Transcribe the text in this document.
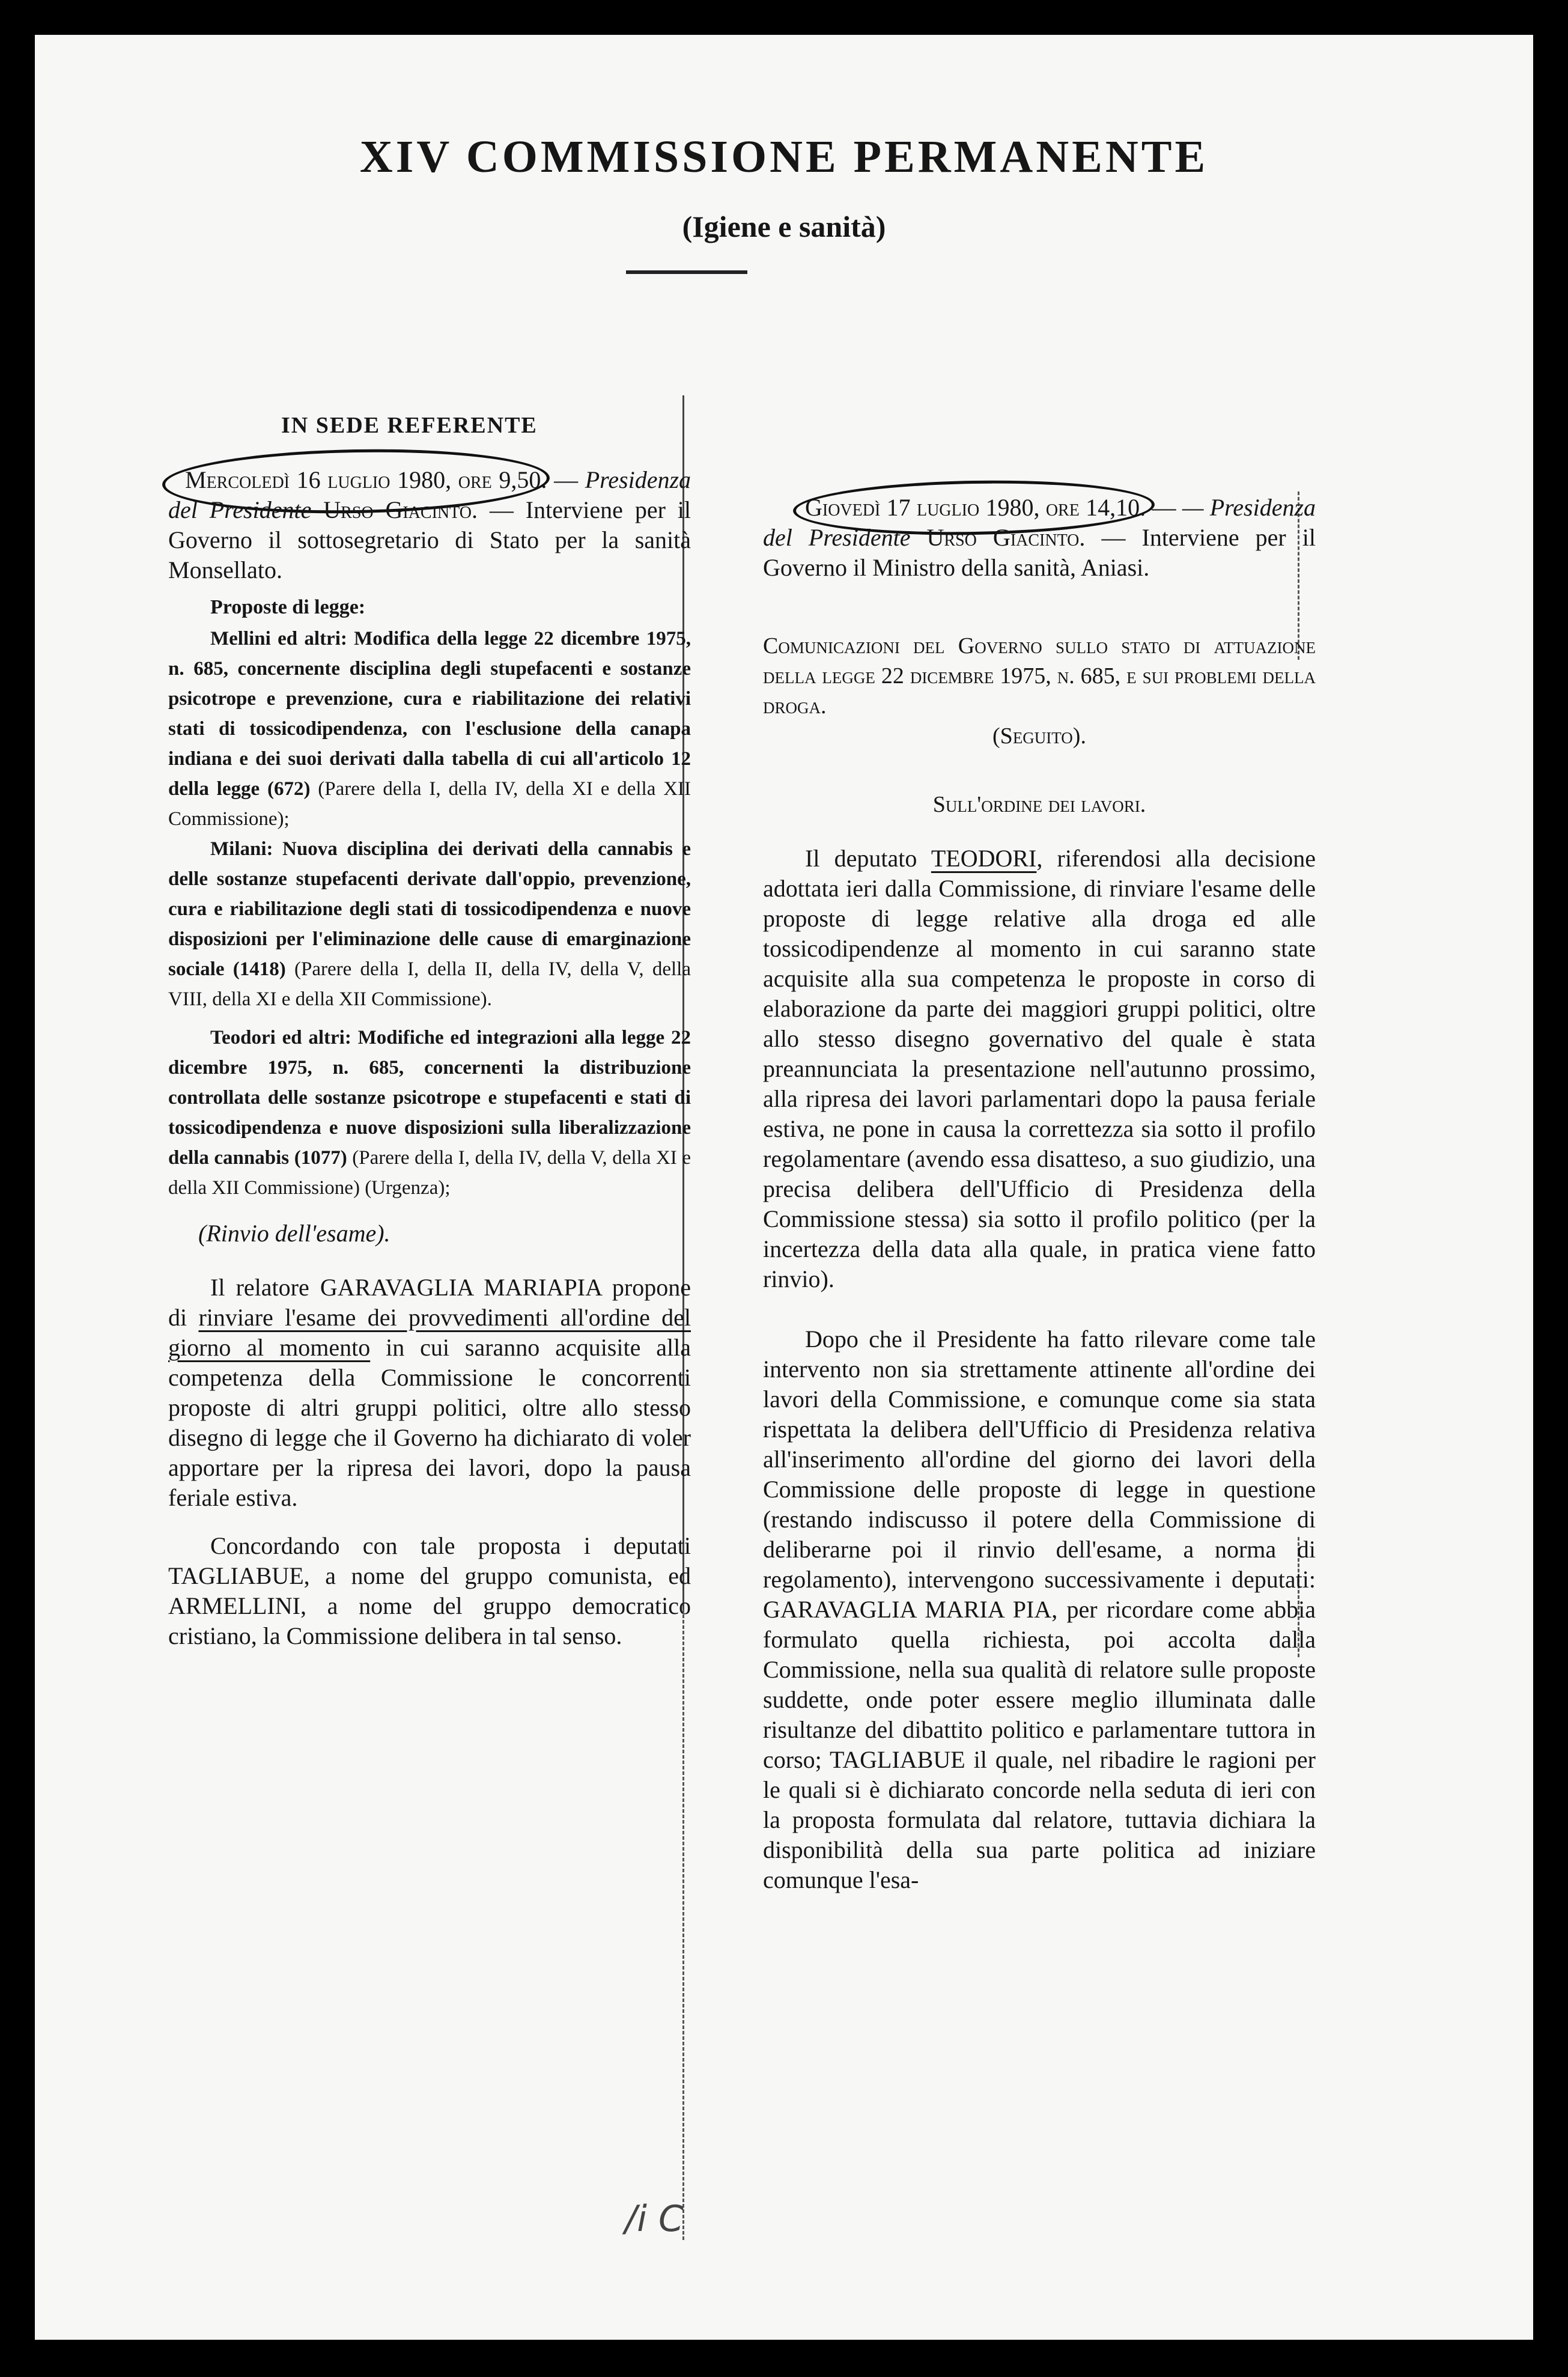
XIV COMMISSIONE PERMANENTE
(Igiene e sanità)
IN SEDE REFERENTE

Mercoledì 16 luglio 1980, ore 9,50. — Presidenza del Presidente Urso Giacinto. — Interviene per il Governo il sottosegretario di Stato per la sanità Monsellato.

Proposte di legge:

Mellini ed altri: Modifica della legge 22 dicembre 1975, n. 685, concernente disciplina degli stupefacenti e sostanze psicotrope e prevenzione, cura e riabilitazione dei relativi stati di tossicodipendenza, con l'esclusione della canapa indiana e dei suoi derivati dalla tabella di cui all'articolo 12 della legge (672) (Parere della I, della IV, della XI e della XII Commissione);

Milani: Nuova disciplina dei derivati della cannabis e delle sostanze stupefacenti derivate dall'oppio, prevenzione, cura e riabilitazione degli stati di tossicodipendenza e nuove disposizioni per l'eliminazione delle cause di emarginazione sociale (1418) (Parere della I, della II, della IV, della V, della VIII, della XI e della XII Commissione).

Teodori ed altri: Modifiche ed integrazioni alla legge 22 dicembre 1975, n. 685, concernenti la distribuzione controllata delle sostanze psicotrope e stupefacenti e stati di tossicodipendenza e nuove disposizioni sulla liberalizzazione della cannabis (1077) (Parere della I, della IV, della V, della XI e della XII Commissione) (Urgenza);

(Rinvio dell'esame).

Il relatore GARAVAGLIA MARIAPIA propone di rinviare l'esame dei provvedimenti all'ordine del giorno al momento in cui saranno acquisite alla competenza della Commissione le concorrenti proposte di altri gruppi politici, oltre allo stesso disegno di legge che il Governo ha dichiarato di voler apportare per la ripresa dei lavori, dopo la pausa feriale estiva.

Concordando con tale proposta i deputati TAGLIABUE, a nome del gruppo comunista, ed ARMELLINI, a nome del gruppo democratico cristiano, la Commissione delibera in tal senso.

Giovedì 17 luglio 1980, ore 14,10. — — Presidenza del Presidente Urso Giacinto. — Interviene per il Governo il Ministro della sanità, Aniasi.

Comunicazioni del Governo sullo stato di attuazione della legge 22 dicembre 1975, n. 685, e sui problemi della droga.

(Seguito).

Sull'ordine dei lavori.

Il deputato TEODORI, riferendosi alla decisione adottata ieri dalla Commissione, di rinviare l'esame delle proposte di legge relative alla droga ed alle tossicodipendenze al momento in cui saranno state acquisite alla sua competenza le proposte in corso di elaborazione da parte dei maggiori gruppi politici, oltre allo stesso disegno governativo del quale è stata preannunciata la presentazione nell'autunno prossimo, alla ripresa dei lavori parlamentari dopo la pausa feriale estiva, ne pone in causa la correttezza sia sotto il profilo regolamentare (avendo essa disatteso, a suo giudizio, una precisa delibera dell'Ufficio di Presidenza della Commissione stessa) sia sotto il profilo politico (per la incertezza della data alla quale, in pratica viene fatto rinvio).

Dopo che il Presidente ha fatto rilevare come tale intervento non sia strettamente attinente all'ordine dei lavori della Commissione, e comunque come sia stata rispettata la delibera dell'Ufficio di Presidenza relativa all'inserimento all'ordine del giorno dei lavori della Commissione delle proposte di legge in questione (restando indiscusso il potere della Commissione di deliberarne poi il rinvio dell'esame, a norma di regolamento), intervengono successivamente i deputati: GARAVAGLIA MARIA PIA, per ricordare come abbia formulato quella richiesta, poi accolta dalla Commissione, nella sua qualità di relatore sulle proposte suddette, onde poter essere meglio illuminata dalle risultanze del dibattito politico e parlamentare tuttora in corso; TAGLIABUE il quale, nel ribadire le ragioni per le quali si è dichiarato concorde nella seduta di ieri con la proposta formulata dal relatore, tuttavia dichiara la disponibilità della sua parte politica ad iniziare comunque l'esa-

/i C
